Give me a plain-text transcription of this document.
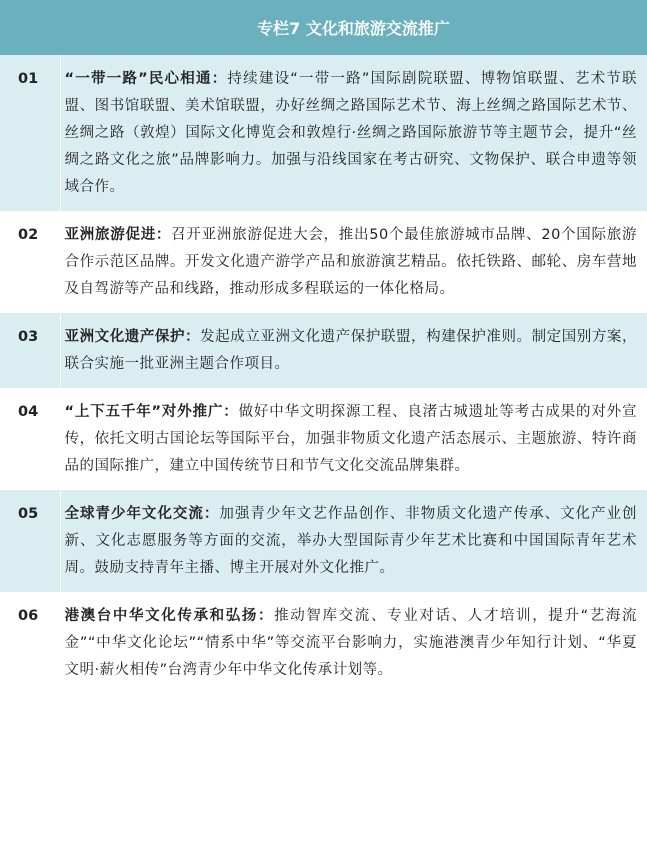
	专栏7 文化和旅游交流推广
01	“一带一路”民心相通：持续建设“一带一路”国际剧院联盟、博物馆联盟、艺术节联盟、图书馆联盟、美术馆联盟，办好丝绸之路国际艺术节、海上丝绸之路国际艺术节、丝绸之路（敦煌）国际文化博览会和敦煌行·丝绸之路国际旅游节等主题节会，提升“丝绸之路文化之旅”品牌影响力。加强与沿线国家在考古研究、文物保护、联合申遗等领域合作。
02	亚洲旅游促进：召开亚洲旅游促进大会，推出50个最佳旅游城市品牌、20个国际旅游合作示范区品牌。开发文化遗产游学产品和旅游演艺精品。依托铁路、邮轮、房车营地及自驾游等产品和线路，推动形成多程联运的一体化格局。
03	亚洲文化遗产保护：发起成立亚洲文化遗产保护联盟，构建保护准则。制定国别方案，联合实施一批亚洲主题合作项目。
04	“上下五千年”对外推广：做好中华文明探源工程、良渚古城遗址等考古成果的对外宣传，依托文明古国论坛等国际平台，加强非物质文化遗产活态展示、主题旅游、特许商品的国际推广，建立中国传统节日和节气文化交流品牌集群。
05	全球青少年文化交流：加强青少年文艺作品创作、非物质文化遗产传承、文化产业创新、文化志愿服务等方面的交流，举办大型国际青少年艺术比赛和中国国际青年艺术周。鼓励支持青年主播、博主开展对外文化推广。
06	港澳台中华文化传承和弘扬：推动智库交流、专业对话、人才培训，提升“艺海流金”“中华文化论坛”“情系中华”等交流平台影响力，实施港澳青少年知行计划、“华夏文明·薪火相传”台湾青少年中华文化传承计划等。
